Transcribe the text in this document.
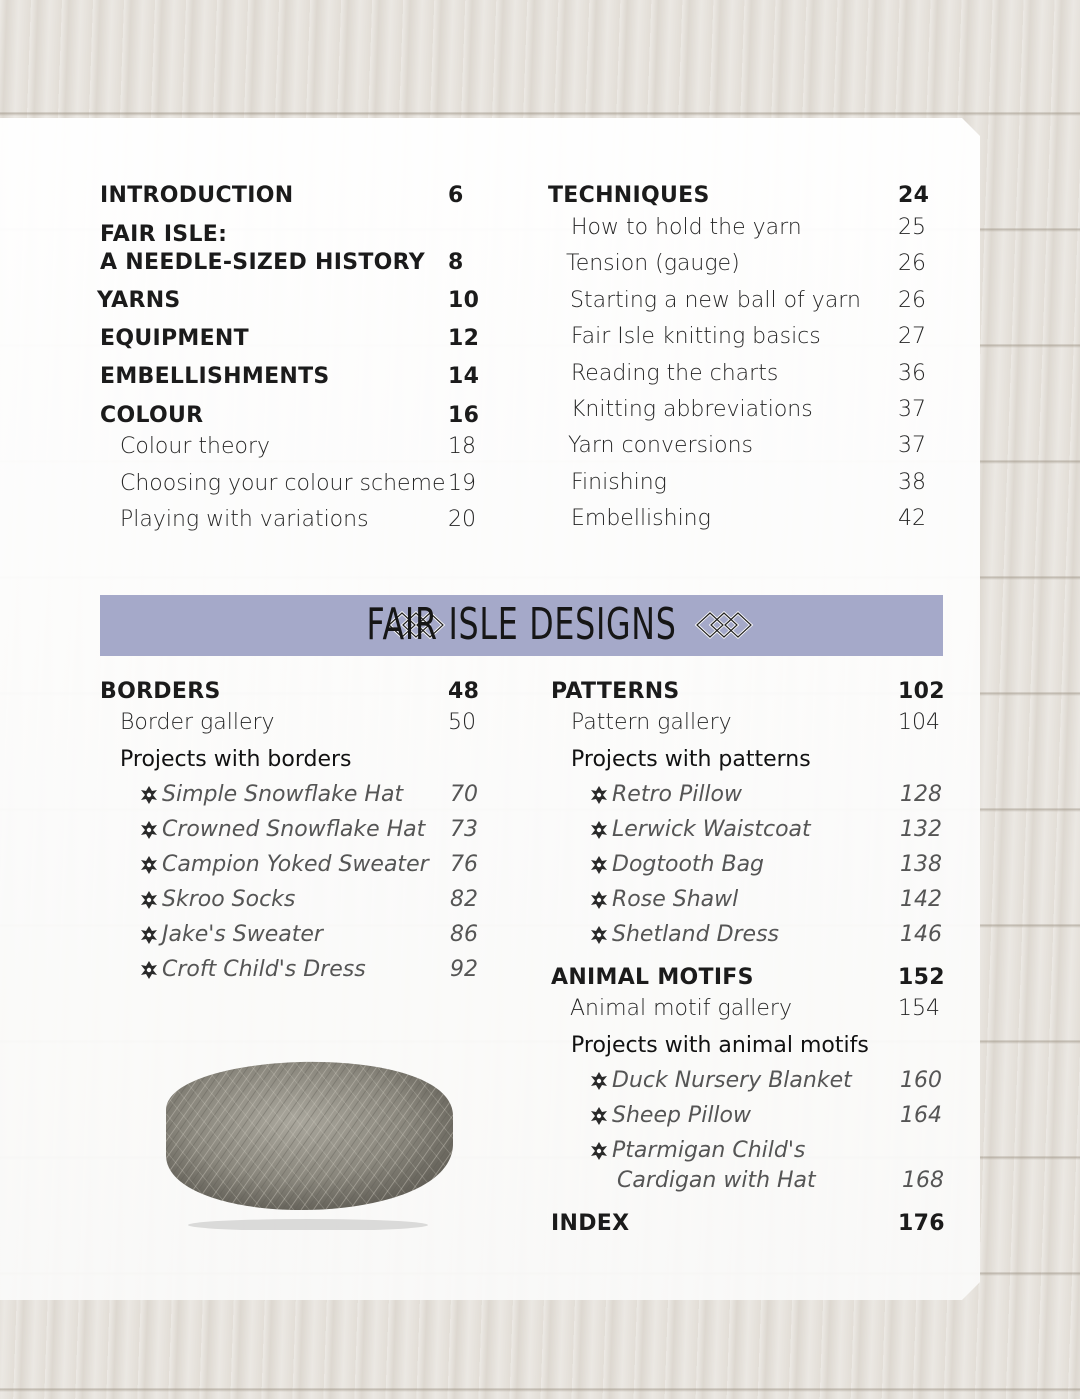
INTRODUCTION	6
FAIR ISLE:
A NEEDLE-SIZED HISTORY 8
YARNS	10
EQUIPMENT	12
EMBELLISHMENTS	14
COLOUR	16
Colour theory	18
Choosing your colour scheme 19
Playing with variations	20
TECHNIQUES	24
How to hold the yarn	25
Tension (gauge)	26
Starting a new ball of yarn 26
Fair Isle knitting basics	27
Reading the charts	36
Knitting abbreviations	37
Yarn conversions	37
Finishing	38
Embellishing	42
BORDERS	48
Border gallery	50
Projects with borders
Simple Snowflake Hat 70
Crowned Snowflake Hat 73
Campion Yoked Sweater 76
Skroo Socks	82
Jake's Sweater	86
Croft Child's Dress	92
PATTERNS	102
Pattern gallery	104
Projects with patterns
Retro Pillow	128
Lerwick Waistcoat	132
Dogtooth Bag	138
Rose Shawl	142
Shetland Dress	146
ANIMAL MOTIFS	152
Animal motif gallery	154
Projects with animal motifs
Duck Nursery Blanket 160
Sheep Pillow	164
Ptarmigan Child's
Cardigan with Hat	168
INDEX	176
FAIR ISLE DESIGNS
